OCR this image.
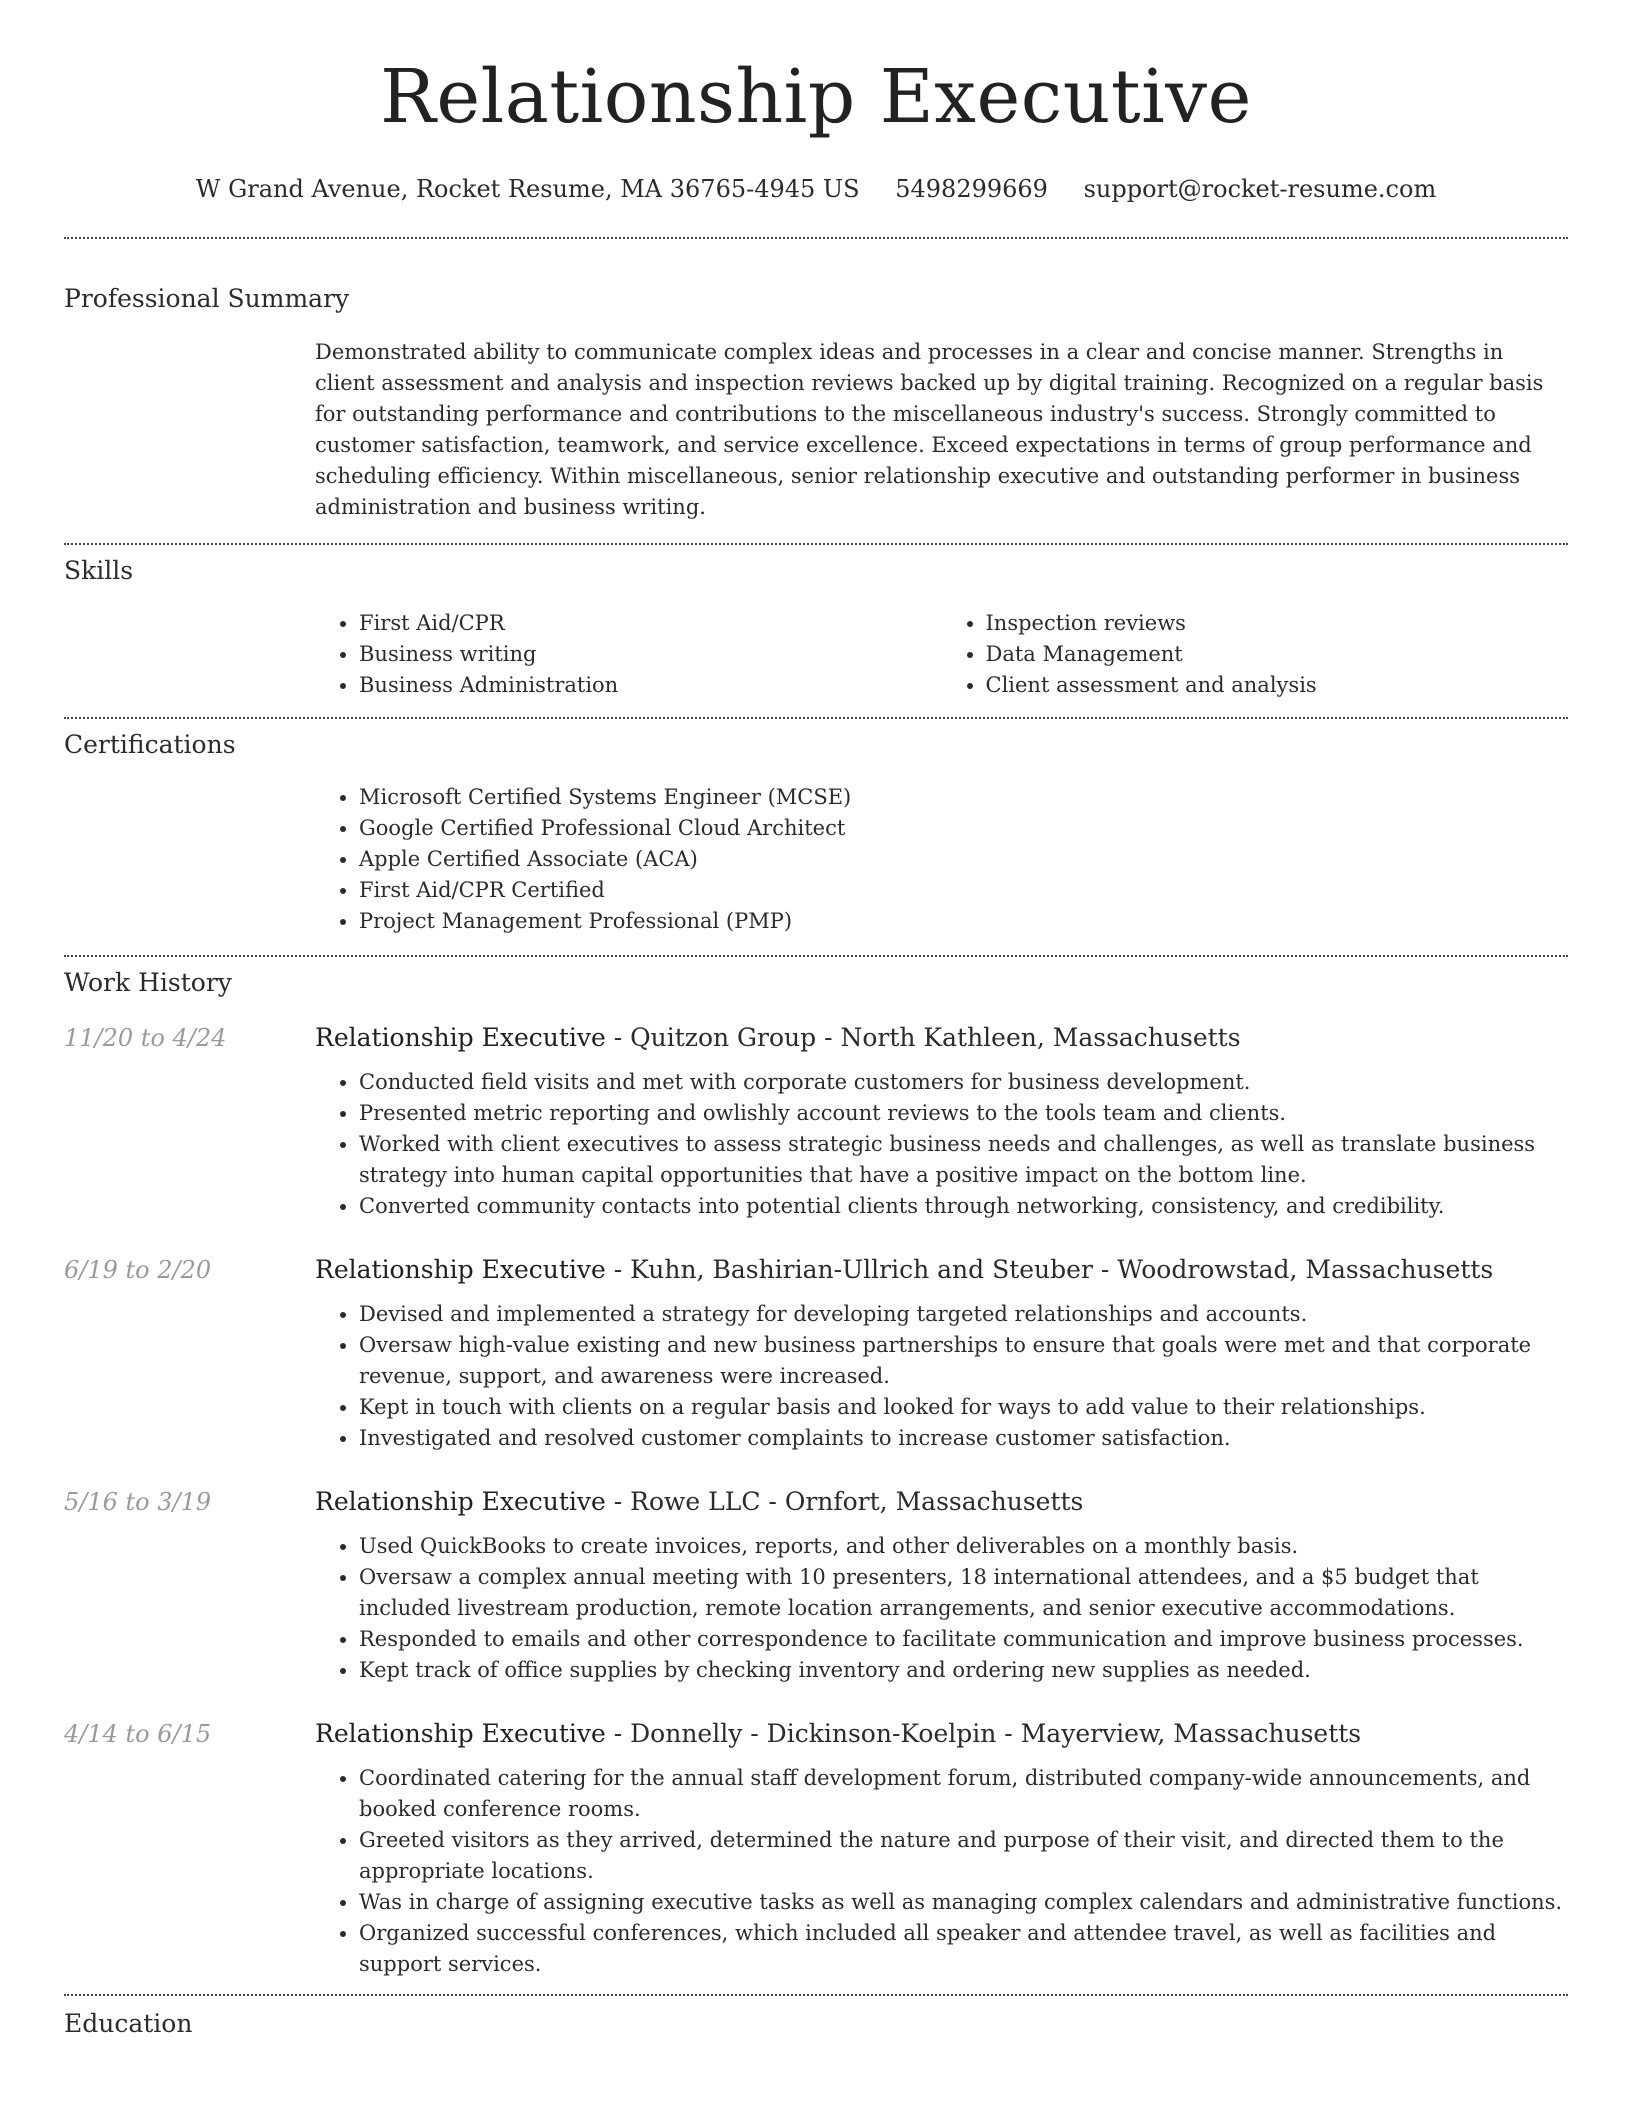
Relationship Executive
W Grand Avenue, Rocket Resume, MA 36765-4945 US 5498299669 support@rocket-resume.com
Professional Summary

Demonstrated ability to communicate complex ideas and processes in a clear and concise manner. Strengths in client assessment and analysis and inspection reviews backed up by digital training. Recognized on a regular basis for outstanding performance and contributions to the miscellaneous industry's success. Strongly committed to customer satisfaction, teamwork, and service excellence. Exceed expectations in terms of group performance and scheduling efficiency. Within miscellaneous, senior relationship executive and outstanding performer in business administration and business writing.

Skills
• First Aid/CPR
• Business writing
• Business Administration
• Inspection reviews
• Data Management
• Client assessment and analysis
Certifications
• Microsoft Certified Systems Engineer (MCSE)
• Google Certified Professional Cloud Architect
• Apple Certified Associate (ACA)
• First Aid/CPR Certified
• Project Management Professional (PMP)
Work History
11/20 to 4/24	Relationship Executive - Quitzon Group - North Kathleen, Massachusetts
• Conducted field visits and met with corporate customers for business development.
• Presented metric reporting and owlishly account reviews to the tools team and clients.
• Worked with client executives to assess strategic business needs and challenges, as well as translate business strategy into human capital opportunities that have a positive impact on the bottom line.
• Converted community contacts into potential clients through networking, consistency, and credibility.
6/19 to 2/20	Relationship Executive - Kuhn, Bashirian-Ullrich and Steuber - Woodrowstad, Massachusetts
• Devised and implemented a strategy for developing targeted relationships and accounts.
• Oversaw high-value existing and new business partnerships to ensure that goals were met and that corporate revenue, support, and awareness were increased.
• Kept in touch with clients on a regular basis and looked for ways to add value to their relationships.
• Investigated and resolved customer complaints to increase customer satisfaction.
5/16 to 3/19	Relationship Executive - Rowe LLC - Ornfort, Massachusetts
• Used QuickBooks to create invoices, reports, and other deliverables on a monthly basis.
• Oversaw a complex annual meeting with 10 presenters, 18 international attendees, and a $5 budget that included livestream production, remote location arrangements, and senior executive accommodations.
• Responded to emails and other correspondence to facilitate communication and improve business processes.
• Kept track of office supplies by checking inventory and ordering new supplies as needed.
4/14 to 6/15	Relationship Executive - Donnelly - Dickinson-Koelpin - Mayerview, Massachusetts
• Coordinated catering for the annual staff development forum, distributed company-wide announcements, and booked conference rooms.
• Greeted visitors as they arrived, determined the nature and purpose of their visit, and directed them to the appropriate locations.
• Was in charge of assigning executive tasks as well as managing complex calendars and administrative functions.
• Organized successful conferences, which included all speaker and attendee travel, as well as facilities and support services.
Education
